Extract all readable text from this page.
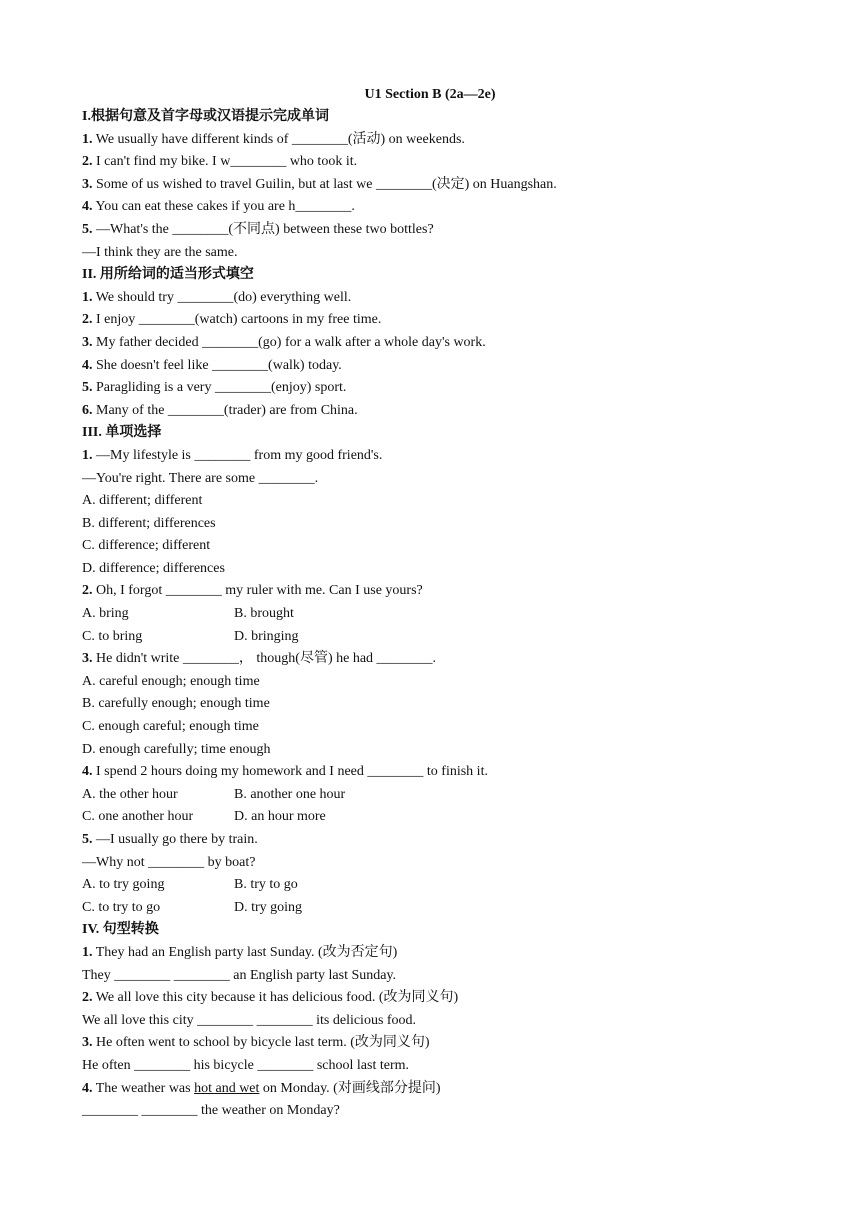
U1 Section B (2a—2e)
I.根据句意及首字母或汉语提示完成单词
1. We usually have different kinds of ________(活动) on weekends.
2. I can't find my bike. I w________ who took it.
3. Some of us wished to travel Guilin, but at last we ________(决定) on Huangshan.
4. You can eat these cakes if you are h________.
5. —What's the ________(不同点) between these two bottles?
—I think they are the same.
II. 用所给词的适当形式填空
1. We should try ________(do) everything well.
2. I enjoy ________(watch) cartoons in my free time.
3. My father decided ________(go) for a walk after a whole day's work.
4. She doesn't feel like ________(walk) today.
5. Paragliding is a very ________(enjoy) sport.
6. Many of the ________(trader) are from China.
III. 单项选择
1. —My lifestyle is ________ from my good friend's.
—You're right. There are some ________.
A. different; different
B. different; differences
C. difference; different
D. difference; differences
2. Oh, I forgot ________ my ruler with me. Can I use yours?
A. bring	B. brought
C. to bring	D. bringing
3. He didn't write ________， though(尽管) he had ________.
A. careful enough; enough time
B. carefully enough; enough time
C. enough careful; enough time
D. enough carefully; time enough
4. I spend 2 hours doing my homework and I need ________ to finish it.
A. the other hour	B. another one hour
C. one another hour	D. an hour more
5. —I usually go there by train.
—Why not ________ by boat?
A. to try going	B. try to go
C. to try to go	D. try going
IV. 句型转换
1. They had an English party last Sunday. (改为否定句)
They ________ ________ an English party last Sunday.
2. We all love this city because it has delicious food. (改为同义句)
We all love this city ________ ________ its delicious food.
3. He often went to school by bicycle last term. (改为同义句)
He often ________ his bicycle ________ school last term.
4. The weather was hot and wet on Monday. (对画线部分提问)
________ ________ the weather on Monday?
